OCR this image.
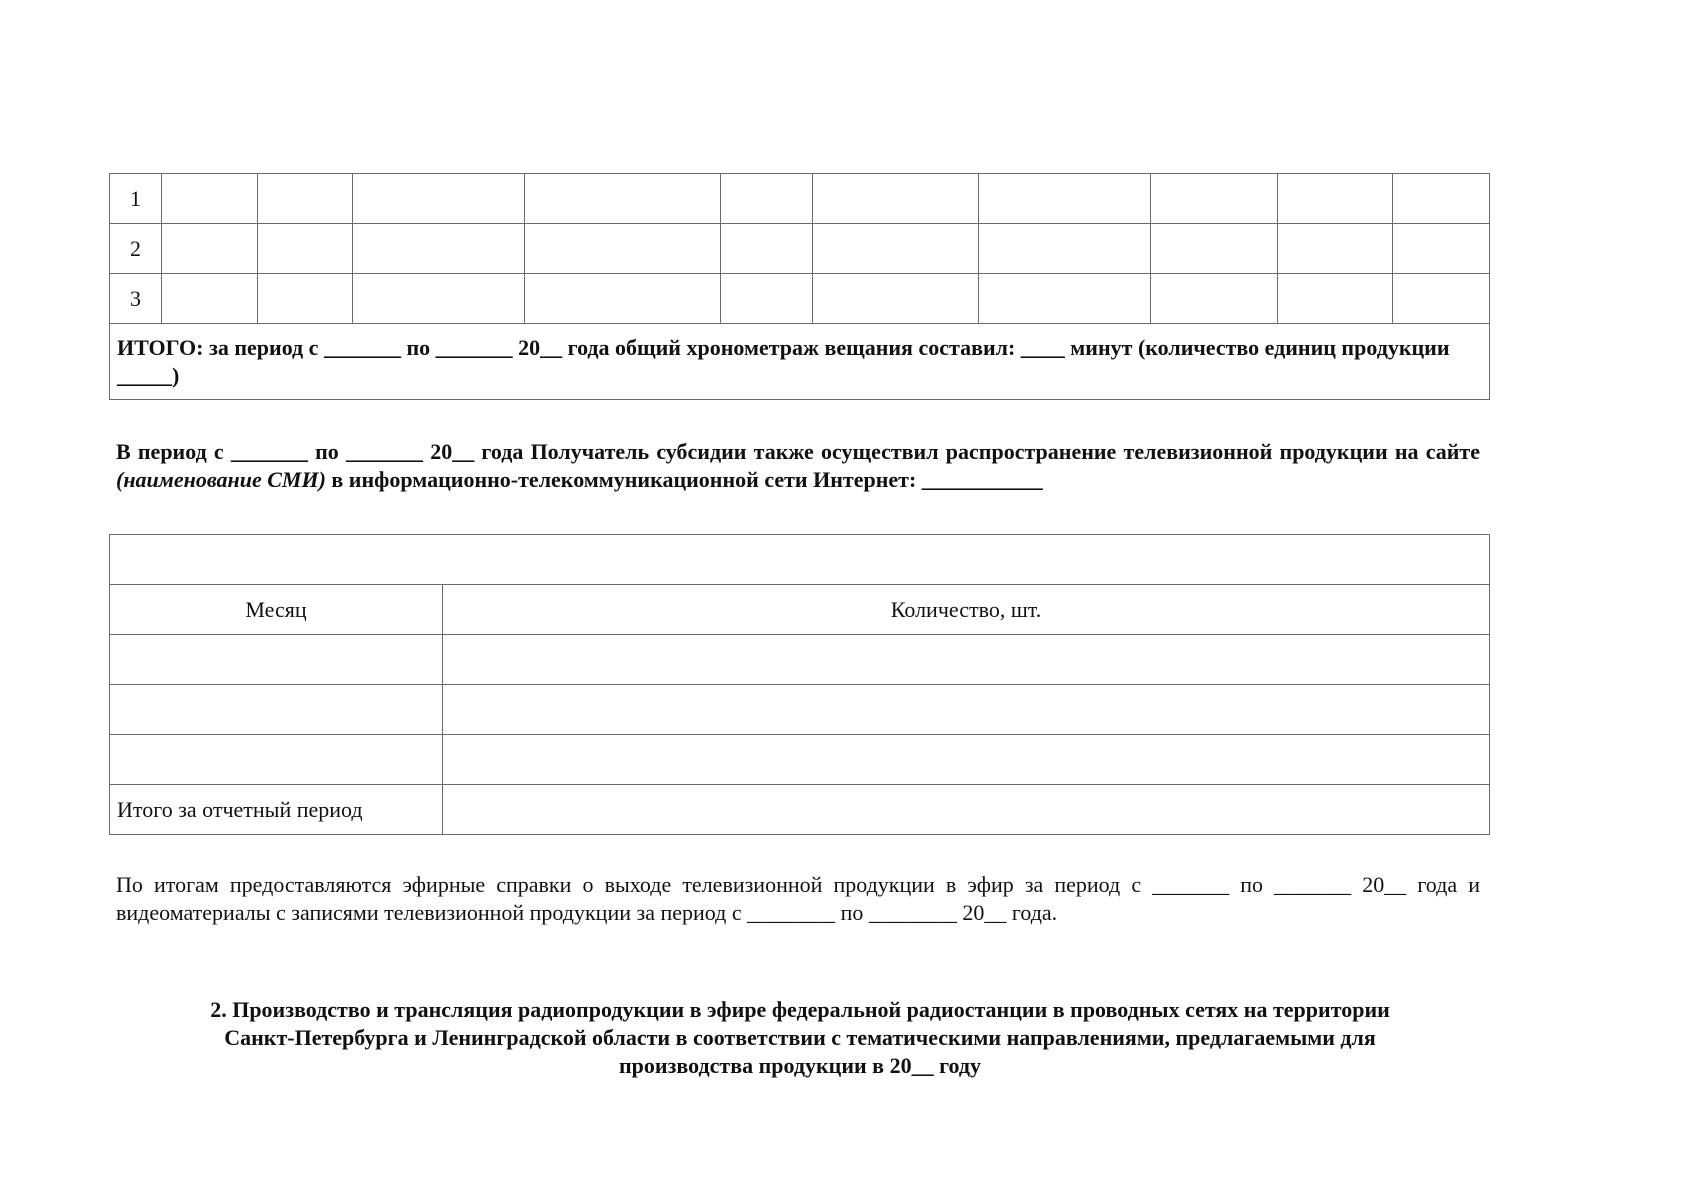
1										
2										
3										
ИТОГО: за период с _______ по _______ 20__ года общий хронометраж вещания составил: ____ минут (количество единиц продукции _____)										
В период с _______ по _______ 20__ года Получатель субсидии также осуществил распространение телевизионной продукции на сайте (наименование СМИ) в информационно-телекоммуникационной сети Интернет: ___________

Месяц	Количество, шт.

Итого за отчетный период	
По итогам предоставляются эфирные справки о выходе телевизионной продукции в эфир за период с _______ по _______ 20__ года и видеоматериалы с записями телевизионной продукции за период с ________ по ________ 20__ года.
2. Производство и трансляция радиопродукции в эфире федеральной радиостанции в проводных сетях на территории
Санкт-Петербурга и Ленинградской области в соответствии с тематическими направлениями, предлагаемыми для
производства продукции в 20__ году
